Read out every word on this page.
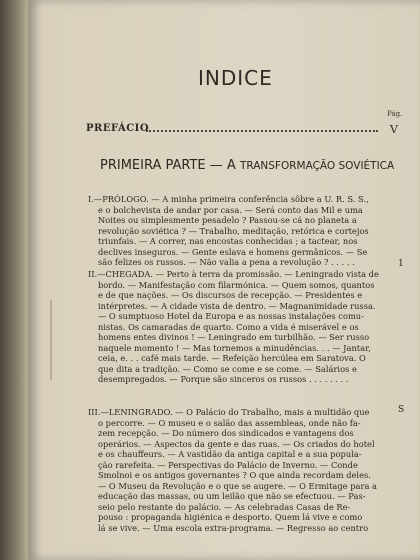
INDICE
Pág.
PREFÁCIO	V
PRIMEIRA PARTE — A TRANSFORMAÇÃO SOVIÉTICA
I.—PRÓLOGO. — A minha primeira conferência sôbre a U. R. S. S.,
e o bolchevista de andar por casa. — Será conto das Mil e uma
Noites ou simplesmente pesadelo ? Passou-se cá no planeta a
revolução soviética ? — Trabalho, meditação, retórica e cortejos
triunfais. — A correr, nas encostas conhecidas ; a tactear, nos
declives inseguros. — Gente eslava e homens germânicos. — Se
são felizes os russos. — Não valia a pena a revolução ? . . . . .	1
II.—CHEGADA. — Perto à terra da promissão. — Leningrado vista de
bordo. — Manifestação com filarmónica. — Quem somos, quantos
e de que nações. — Os discursos de recepção. — Presidentes e
intérpretes. — A cidade vista de dentro. — Magnanimidade russa.
— O sumptuoso Hotel da Europa e as nossas instalações comu-
nistas. Os camaradas de quarto. Como a vida é miserável e os
homens entes divinos ! — Leningrado em turbilhão. — Ser russo
naquele momento ! — Mas tornemos a minudências. . . — Jantar,
ceia, e. . . café mais tarde. — Refeição hercúlea em Saratova. O
que dita a tradição. — Como se come e se come. — Salários e
desempregados. — Porque são sinceros os russos . . . . . . . .
III.—LENINGRADO. — O Palácio do Trabalho, mais a multidão que
o percorre. — O museu e o salão das assembleas, onde não fa-
zem recepção. — Do número dos sindicados e vantagens dos
operários. — Aspectos da gente e das ruas. — Os criados do hotel
e os chauffeurs. — A vastidão da antiga capital e a sua popula-
ção rarefeita. — Perspectivas do Palácio de Inverno. — Conde
Smolnoi e os antigos governantes ? O que ainda recordam deles.
— O Museu da Revolução e o que se augere. — O Ermitage para a
educação das massas, ou um leilão que não se efectuou. — Pas-
seio pelo restante do palácio. — As celebradas Casas de Re-
pouso : propaganda higiénica e desporto. Quem lá vive e como
lá se vive. — Uma escola extra-programa. — Regresso ao centro
S
